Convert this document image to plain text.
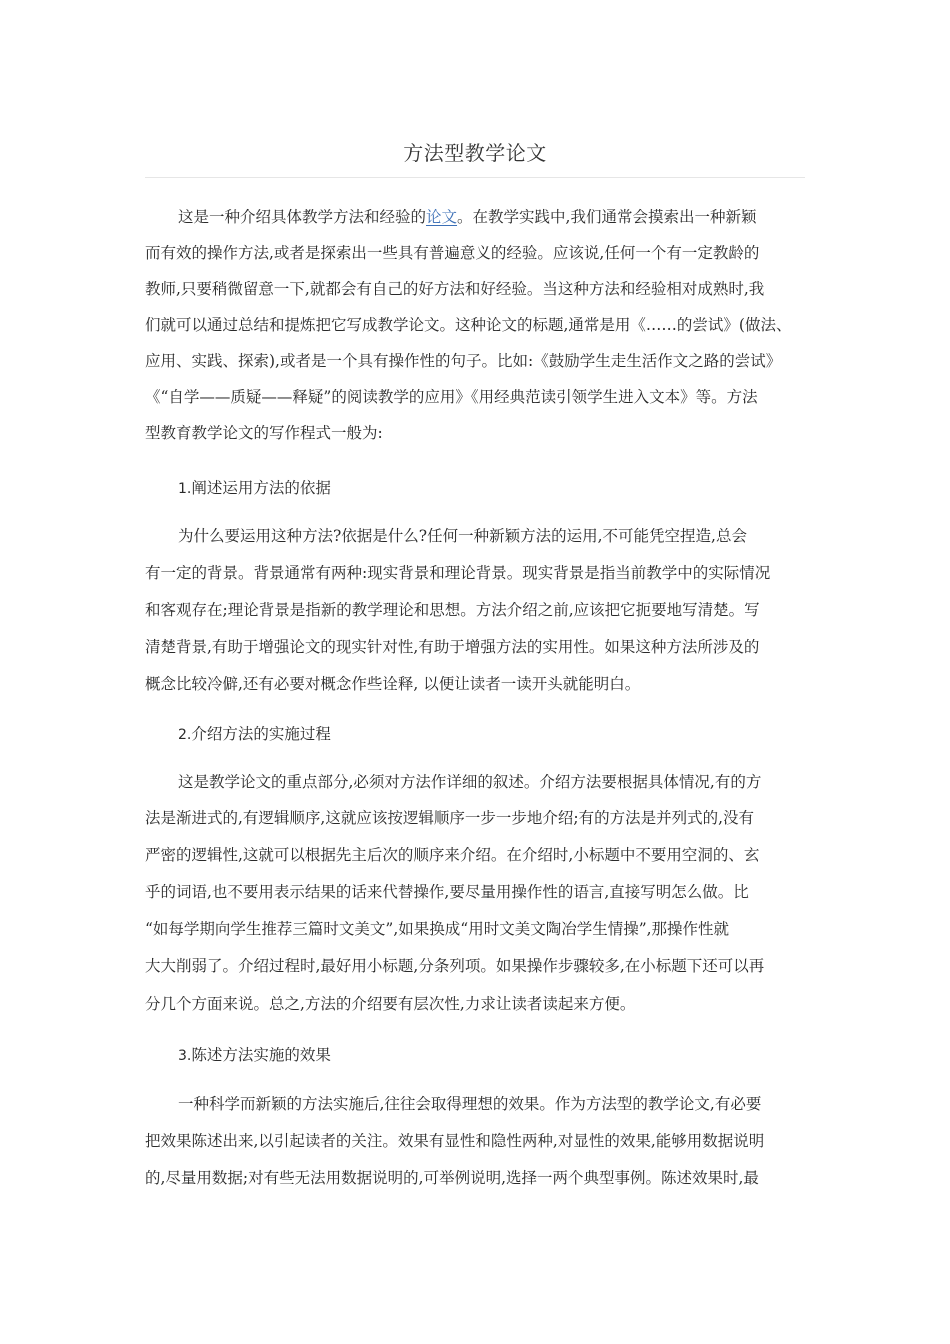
方法型教学论文
这是一种介绍具体教学方法和经验的论文。在教学实践中,我们通常会摸索出一种新颖
而有效的操作方法,或者是探索出一些具有普遍意义的经验。应该说,任何一个有一定教龄的
教师,只要稍微留意一下,就都会有自己的好方法和好经验。当这种方法和经验相对成熟时,我
们就可以通过总结和提炼把它写成教学论文。这种论文的标题,通常是用《……的尝试》(做法、
应用、实践、探索),或者是一个具有操作性的句子。比如:《鼓励学生走生活作文之路的尝试》
《“自学——质疑——释疑”的阅读教学的应用》《用经典范读引领学生进入文本》等。方法
型教育教学论文的写作程式一般为:
1.阐述运用方法的依据
为什么要运用这种方法?依据是什么?任何一种新颖方法的运用,不可能凭空捏造,总会
有一定的背景。背景通常有两种:现实背景和理论背景。现实背景是指当前教学中的实际情况
和客观存在;理论背景是指新的教学理论和思想。方法介绍之前,应该把它扼要地写清楚。写
清楚背景,有助于增强论文的现实针对性,有助于增强方法的实用性。如果这种方法所涉及的
概念比较冷僻,还有必要对概念作些诠释, 以便让读者一读开头就能明白。
2.介绍方法的实施过程
这是教学论文的重点部分,必须对方法作详细的叙述。介绍方法要根据具体情况,有的方
法是渐进式的,有逻辑顺序,这就应该按逻辑顺序一步一步地介绍;有的方法是并列式的,没有
严密的逻辑性,这就可以根据先主后次的顺序来介绍。在介绍时,小标题中不要用空洞的、玄
乎的词语,也不要用表示结果的话来代替操作,要尽量用操作性的语言,直接写明怎么做。比
“如每学期向学生推荐三篇时文美文”,如果换成“用时文美文陶冶学生情操”,那操作性就
大大削弱了。介绍过程时,最好用小标题,分条列项。如果操作步骤较多,在小标题下还可以再
分几个方面来说。总之,方法的介绍要有层次性,力求让读者读起来方便。
3.陈述方法实施的效果
一种科学而新颖的方法实施后,往往会取得理想的效果。作为方法型的教学论文,有必要
把效果陈述出来,以引起读者的关注。效果有显性和隐性两种,对显性的效果,能够用数据说明
的,尽量用数据;对有些无法用数据说明的,可举例说明,选择一两个典型事例。陈述效果时,最
